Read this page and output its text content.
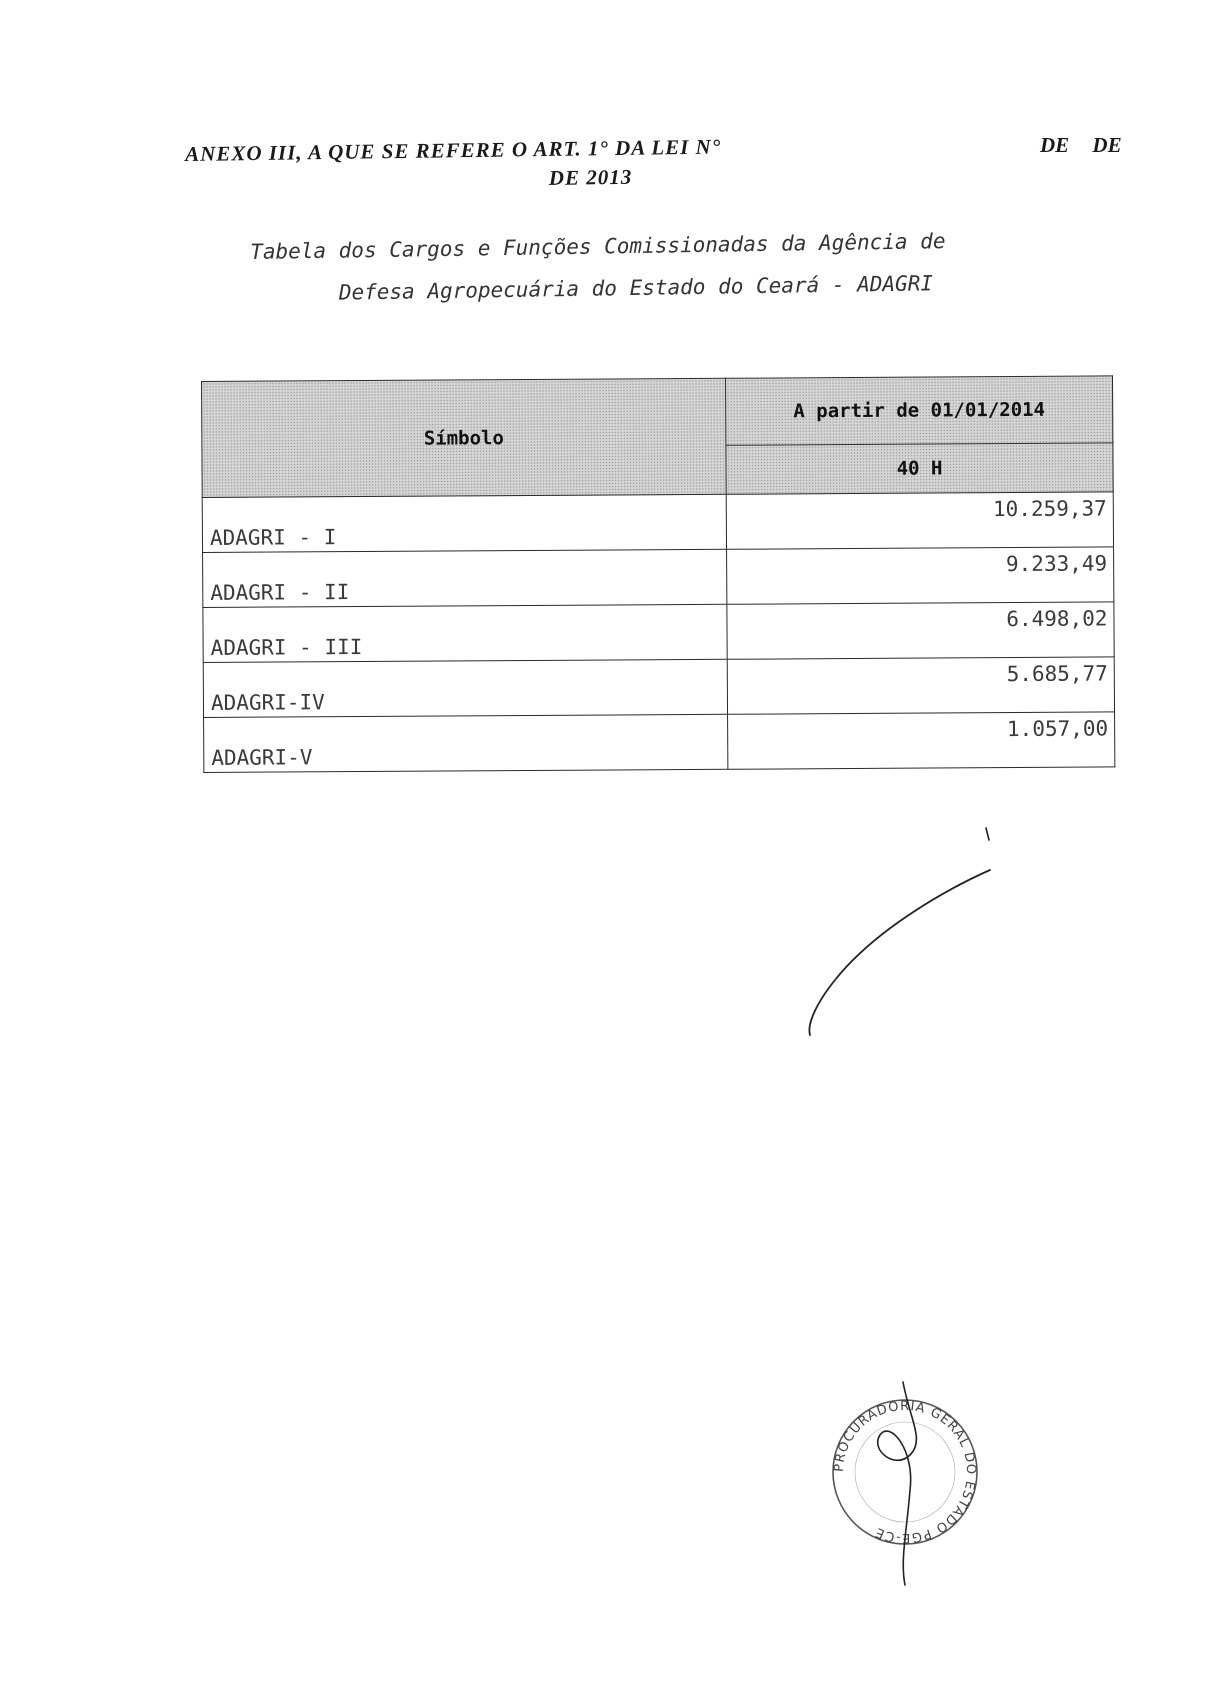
ANEXO III, A QUE SE REFERE O ART. 1° DA LEI N°
DE 2013
DE DE
Tabela dos Cargos e Funções Comissionadas da Agência de
Defesa Agropecuária do Estado do Ceará - ADAGRI
Símbolo	A partir de 01/01/2014
	40 H
ADAGRI - I	10.259,37
ADAGRI - II	9.233,49
ADAGRI - III	6.498,02
ADAGRI-IV	5.685,77
ADAGRI-V	1.057,00
PROCURADORIA GERAL DO ESTADO PGE-CE
